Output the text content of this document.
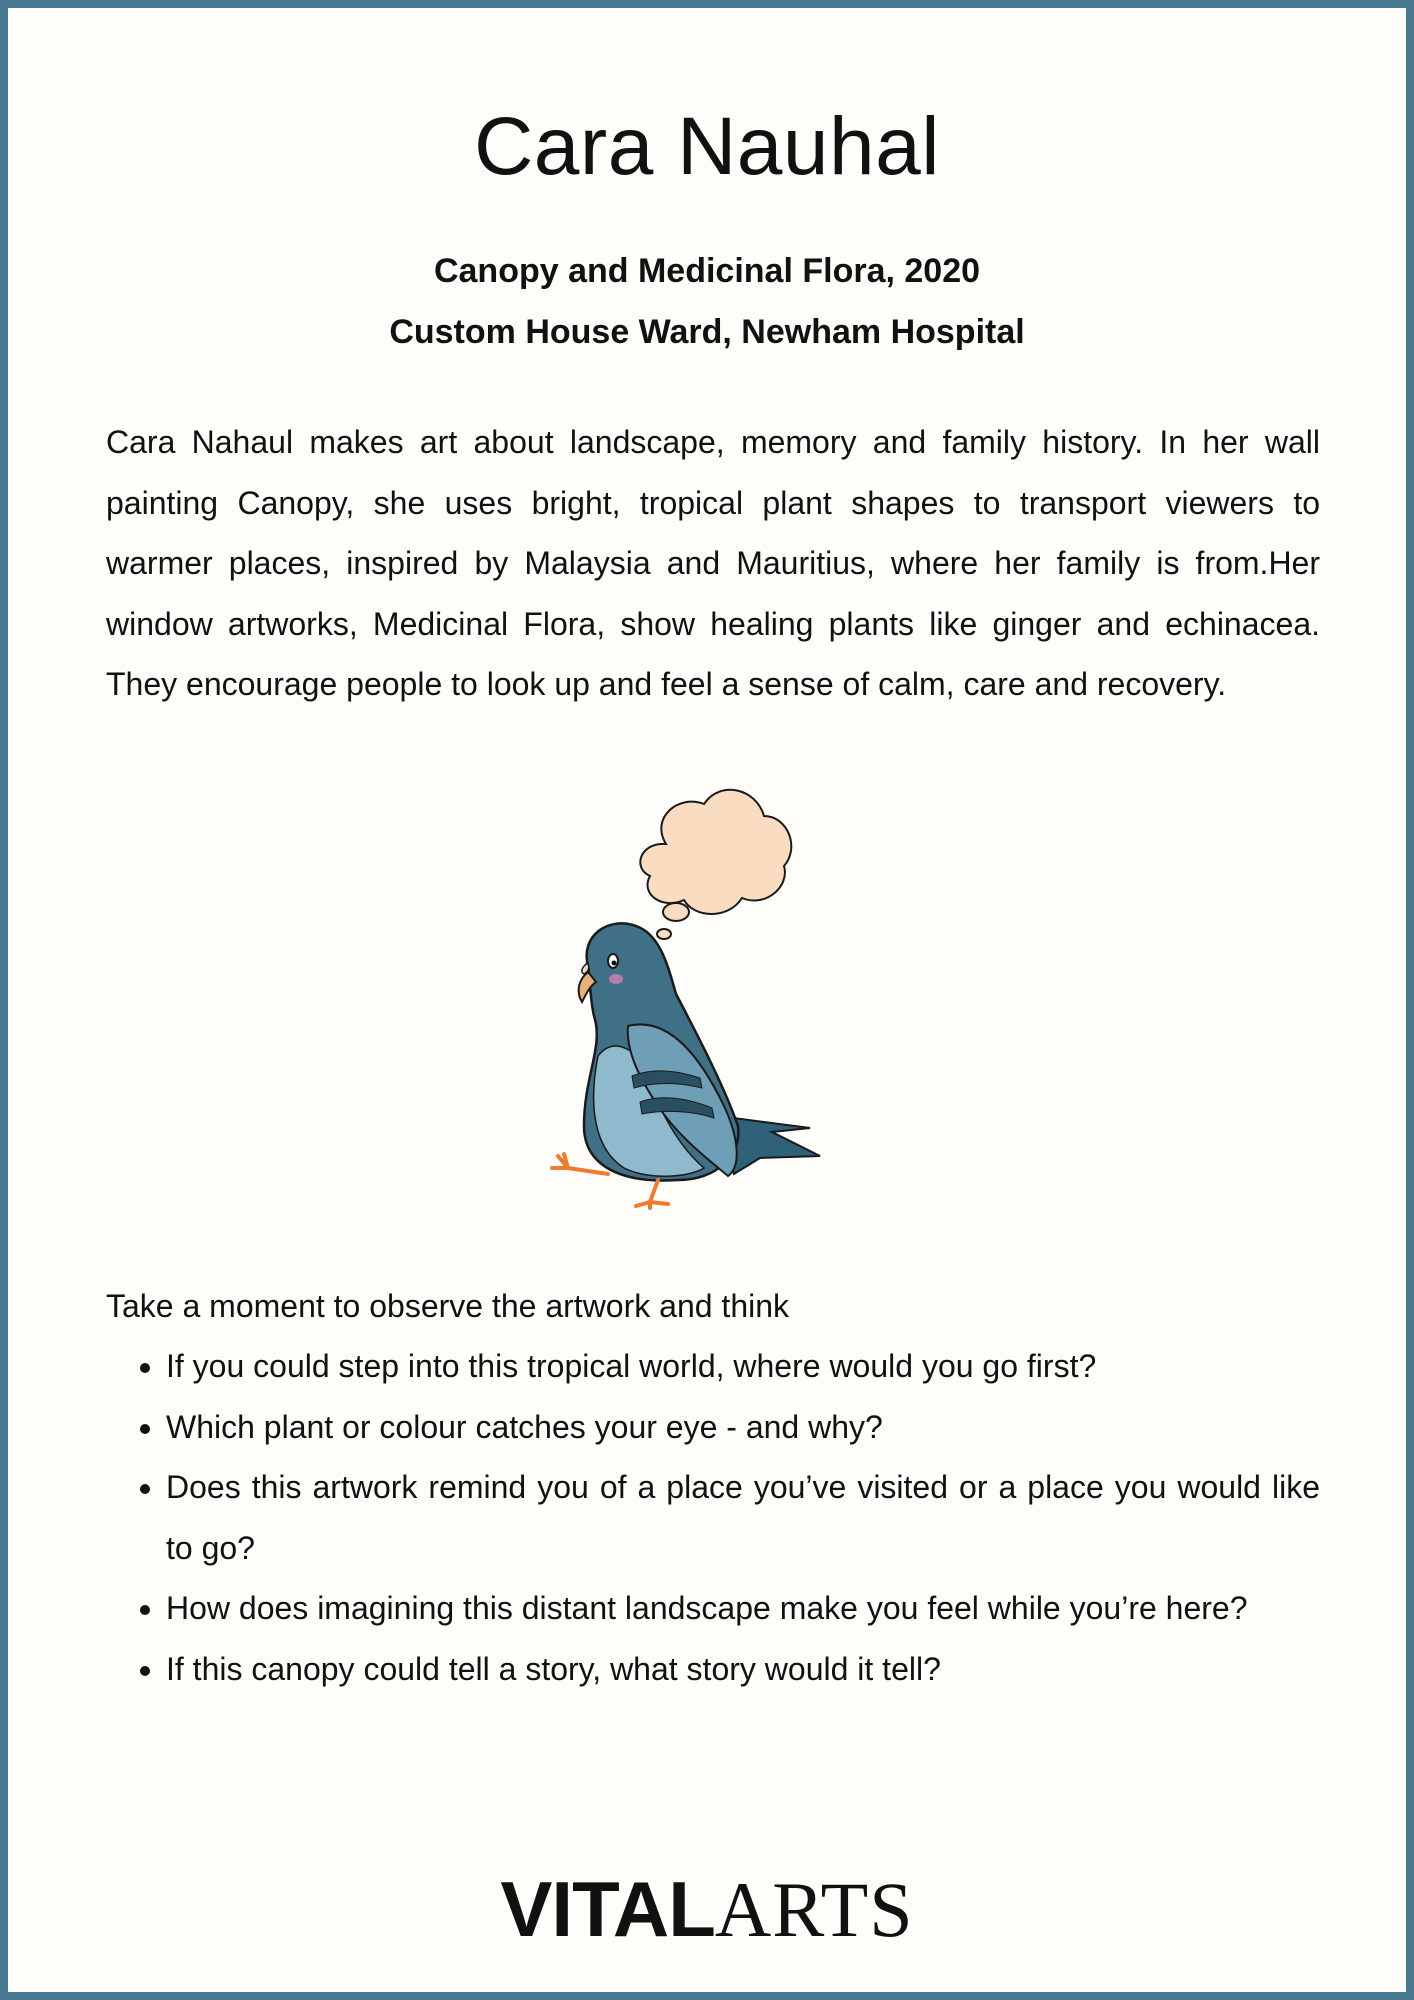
Cara Nauhal
Canopy and Medicinal Flora, 2020
Custom House Ward, Newham Hospital

Cara Nahaul makes art about landscape, memory and family history. In her wall painting Canopy, she uses bright, tropical plant shapes to transport viewers to warmer places, inspired by Malaysia and Mauritius, where her family is from.Her window artworks, Medicinal Flora, show healing plants like ginger and echinacea. They encourage people to look up and feel a sense of calm, care and recovery.

Take a moment to observe the artwork and think

• If you could step into this tropical world, where would you go first?
• Which plant or colour catches your eye - and why?
• Does this artwork remind you of a place you’ve visited or a place you would like to go?
• How does imagining this distant landscape make you feel while you’re here?
• If this canopy could tell a story, what story would it tell?
VITALARTS
